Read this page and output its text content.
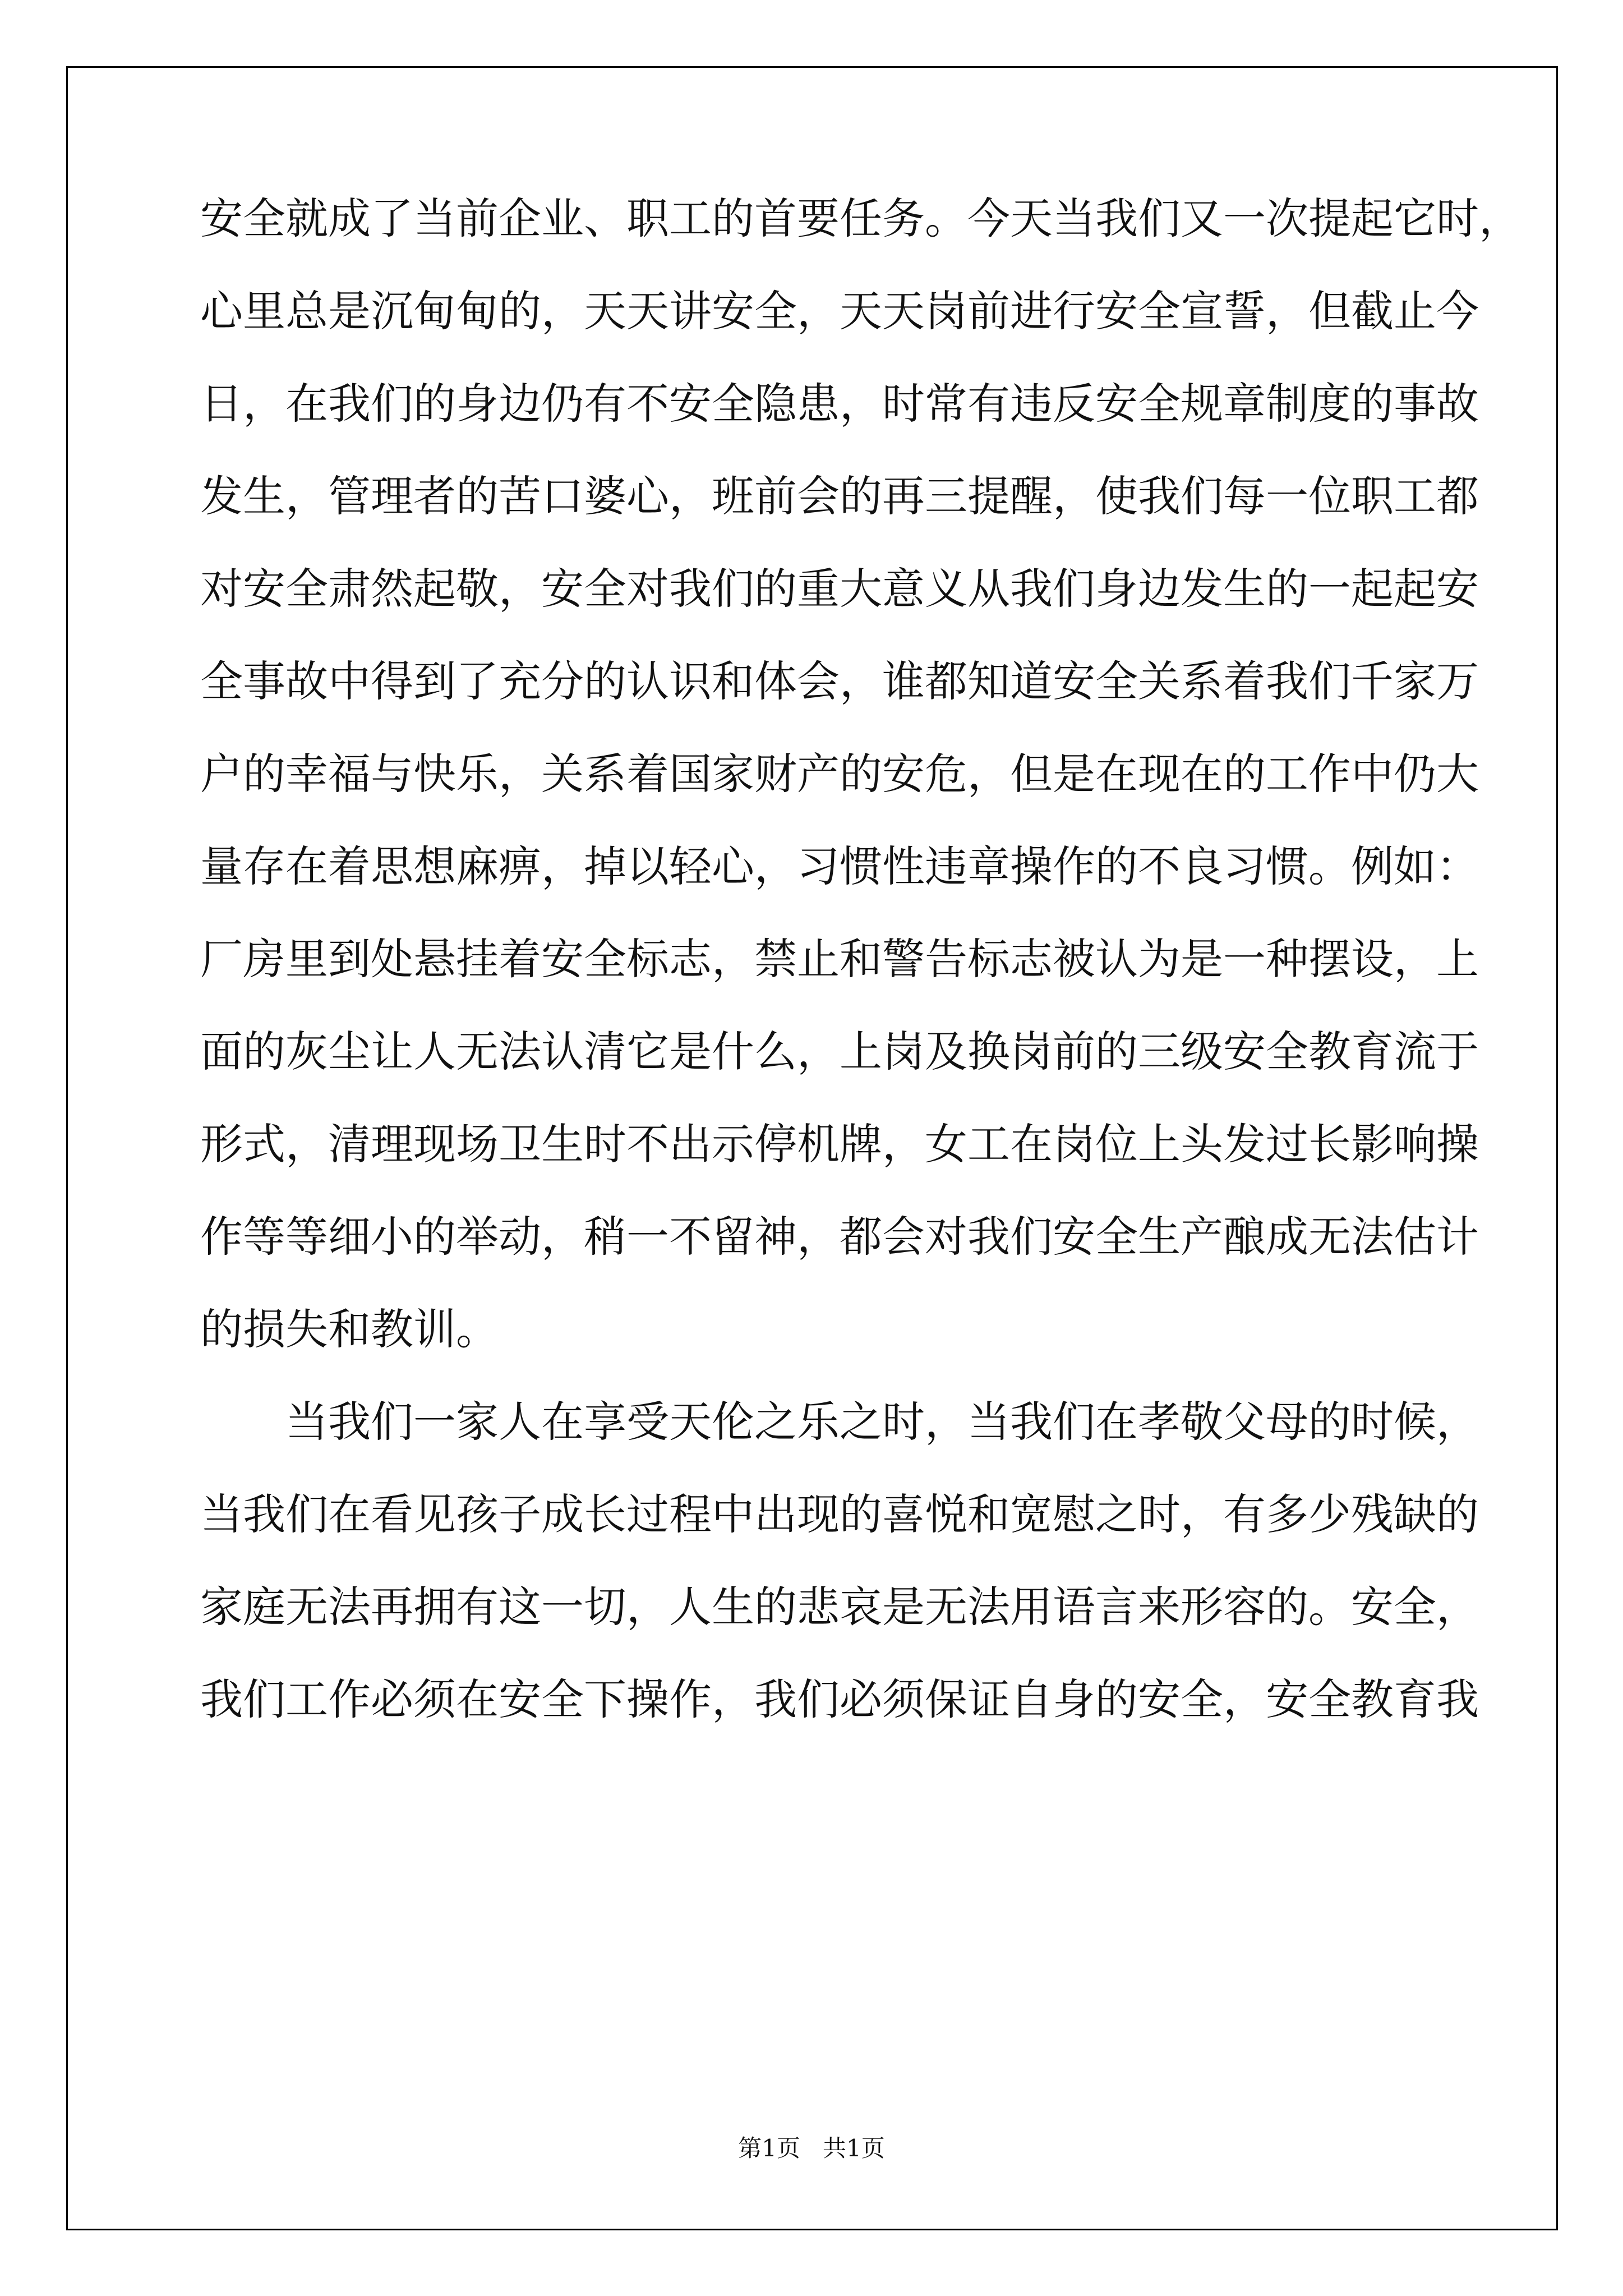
安全就成了当前企业、职工的首要任务。今天当我们又一次提起它时，
心里总是沉甸甸的，天天讲安全，天天岗前进行安全宣誓，但截止今
日，在我们的身边仍有不安全隐患，时常有违反安全规章制度的事故
发生，管理者的苦口婆心，班前会的再三提醒，使我们每一位职工都
对安全肃然起敬，安全对我们的重大意义从我们身边发生的一起起安
全事故中得到了充分的认识和体会，谁都知道安全关系着我们千家万
户的幸福与快乐，关系着国家财产的安危，但是在现在的工作中仍大
量存在着思想麻痹，掉以轻心，习惯性违章操作的不良习惯。例如：
厂房里到处悬挂着安全标志，禁止和警告标志被认为是一种摆设，上
面的灰尘让人无法认清它是什么，上岗及换岗前的三级安全教育流于
形式，清理现场卫生时不出示停机牌，女工在岗位上头发过长影响操
作等等细小的举动，稍一不留神，都会对我们安全生产酿成无法估计
的损失和教训。
当我们一家人在享受天伦之乐之时，当我们在孝敬父母的时候，
当我们在看见孩子成长过程中出现的喜悦和宽慰之时，有多少残缺的
家庭无法再拥有这一切，人生的悲哀是无法用语言来形容的。安全，
我们工作必须在安全下操作，我们必须保证自身的安全，安全教育我
第1页   共1页
